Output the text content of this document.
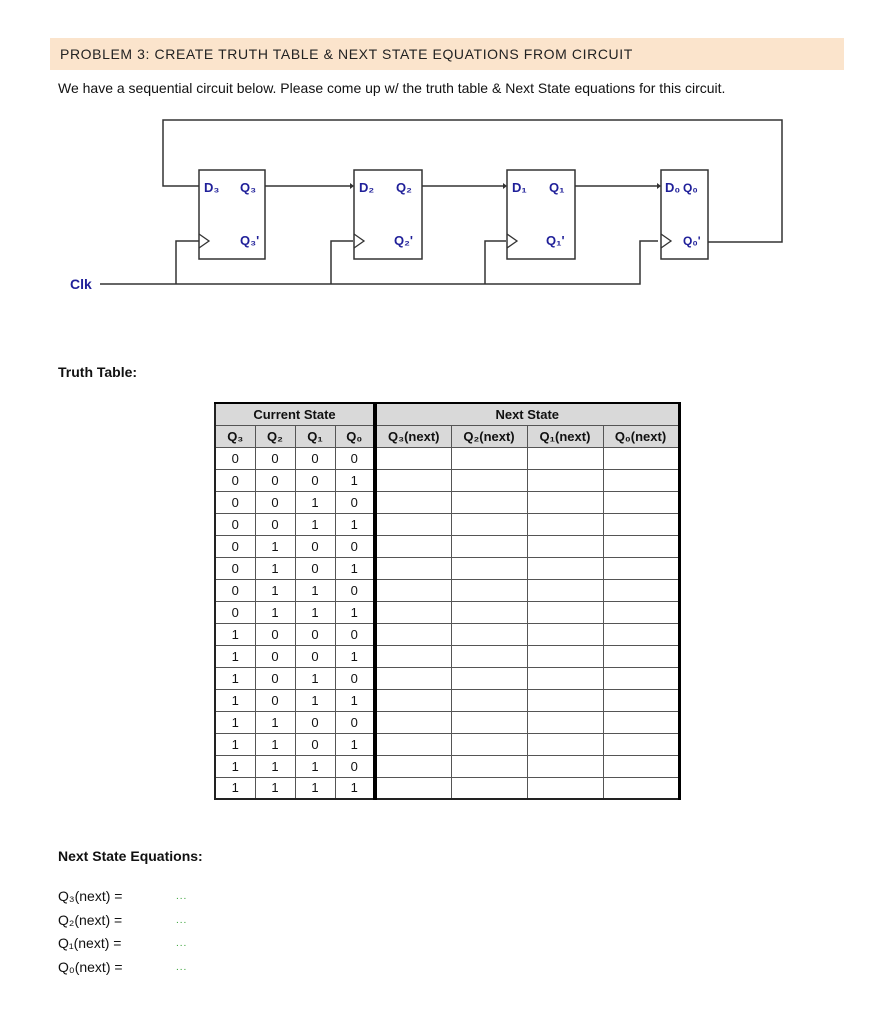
PROBLEM 3: CREATE TRUTH TABLE & NEXT STATE EQUATIONS FROM CIRCUIT
We have a sequential circuit below. Please come up w/ the truth table & Next State equations for this circuit.
Clk
D₃ Q₃
Q₃'
D₂ Q₂
Q₂'
D₁ Q₁
Q₁'
D₀ Q₀
Q₀'
Truth Table:
Current State				Next State			
Q₃	Q₂	Q₁	Q₀	Q₃(next)	Q₂(next)	Q₁(next)	Q₀(next)
0	0	0	0				
0	0	0	1				
0	0	1	0				
0	0	1	1				
0	1	0	0				
0	1	0	1				
0	1	1	0				
0	1	1	1				
1	0	0	0				
1	0	0	1				
1	0	1	0				
1	0	1	1				
1	1	0	0				
1	1	0	1				
1	1	1	0				
1	1	1	1				
Next State Equations:
Q₃(next) =	...
Q₂(next) =	...
Q₁(next) =	...
Q₀(next) =	...
